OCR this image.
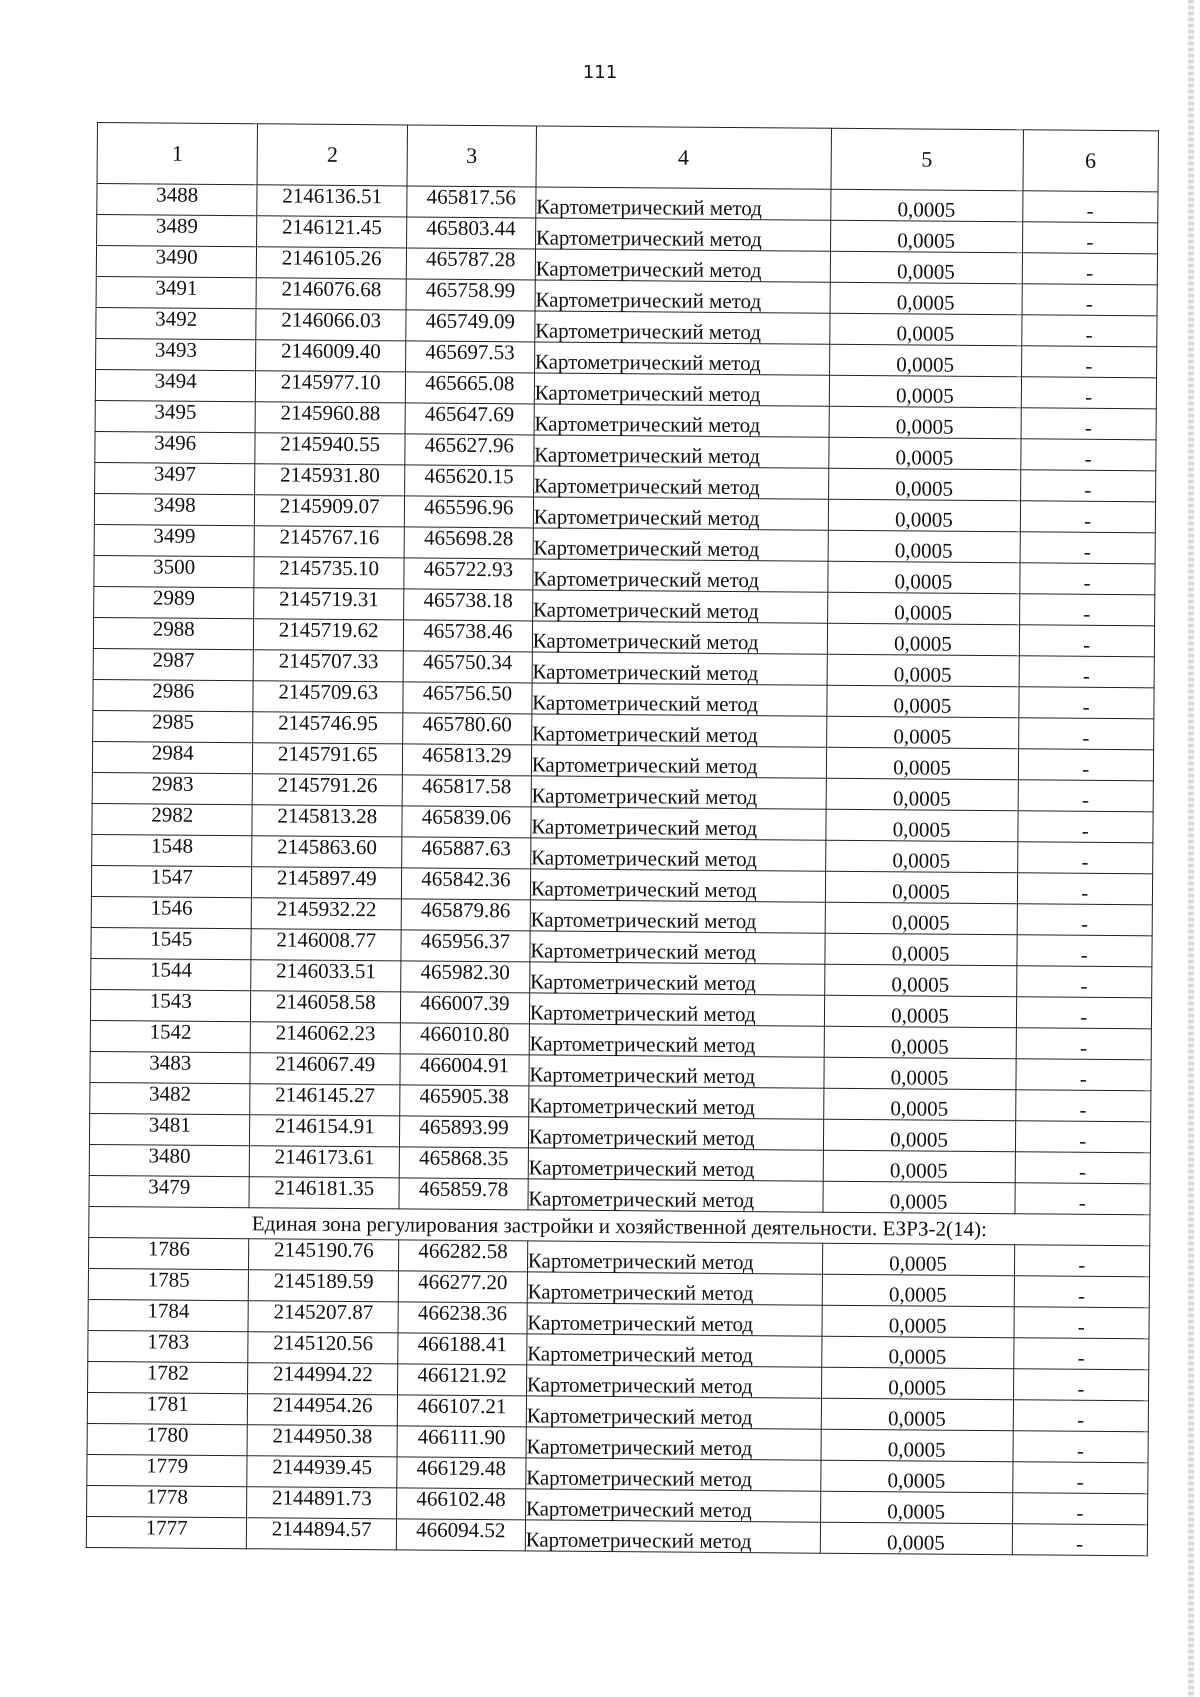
111
1	2	3	4	5	6
3488	2146136.51	465817.56	Картометрический метод	0,0005	-
3489	2146121.45	465803.44	Картометрический метод	0,0005	-
3490	2146105.26	465787.28	Картометрический метод	0,0005	-
3491	2146076.68	465758.99	Картометрический метод	0,0005	-
3492	2146066.03	465749.09	Картометрический метод	0,0005	-
3493	2146009.40	465697.53	Картометрический метод	0,0005	-
3494	2145977.10	465665.08	Картометрический метод	0,0005	-
3495	2145960.88	465647.69	Картометрический метод	0,0005	-
3496	2145940.55	465627.96	Картометрический метод	0,0005	-
3497	2145931.80	465620.15	Картометрический метод	0,0005	-
3498	2145909.07	465596.96	Картометрический метод	0,0005	-
3499	2145767.16	465698.28	Картометрический метод	0,0005	-
3500	2145735.10	465722.93	Картометрический метод	0,0005	-
2989	2145719.31	465738.18	Картометрический метод	0,0005	-
2988	2145719.62	465738.46	Картометрический метод	0,0005	-
2987	2145707.33	465750.34	Картометрический метод	0,0005	-
2986	2145709.63	465756.50	Картометрический метод	0,0005	-
2985	2145746.95	465780.60	Картометрический метод	0,0005	-
2984	2145791.65	465813.29	Картометрический метод	0,0005	-
2983	2145791.26	465817.58	Картометрический метод	0,0005	-
2982	2145813.28	465839.06	Картометрический метод	0,0005	-
1548	2145863.60	465887.63	Картометрический метод	0,0005	-
1547	2145897.49	465842.36	Картометрический метод	0,0005	-
1546	2145932.22	465879.86	Картометрический метод	0,0005	-
1545	2146008.77	465956.37	Картометрический метод	0,0005	-
1544	2146033.51	465982.30	Картометрический метод	0,0005	-
1543	2146058.58	466007.39	Картометрический метод	0,0005	-
1542	2146062.23	466010.80	Картометрический метод	0,0005	-
3483	2146067.49	466004.91	Картометрический метод	0,0005	-
3482	2146145.27	465905.38	Картометрический метод	0,0005	-
3481	2146154.91	465893.99	Картометрический метод	0,0005	-
3480	2146173.61	465868.35	Картометрический метод	0,0005	-
3479	2146181.35	465859.78	Картометрический метод	0,0005	-
Единая зона регулирования застройки и хозяйственной деятельности. ЕЗРЗ-2(14):					
1786	2145190.76	466282.58	Картометрический метод	0,0005	-
1785	2145189.59	466277.20	Картометрический метод	0,0005	-
1784	2145207.87	466238.36	Картометрический метод	0,0005	-
1783	2145120.56	466188.41	Картометрический метод	0,0005	-
1782	2144994.22	466121.92	Картометрический метод	0,0005	-
1781	2144954.26	466107.21	Картометрический метод	0,0005	-
1780	2144950.38	466111.90	Картометрический метод	0,0005	-
1779	2144939.45	466129.48	Картометрический метод	0,0005	-
1778	2144891.73	466102.48	Картометрический метод	0,0005	-
1777	2144894.57	466094.52	Картометрический метод	0,0005	-
